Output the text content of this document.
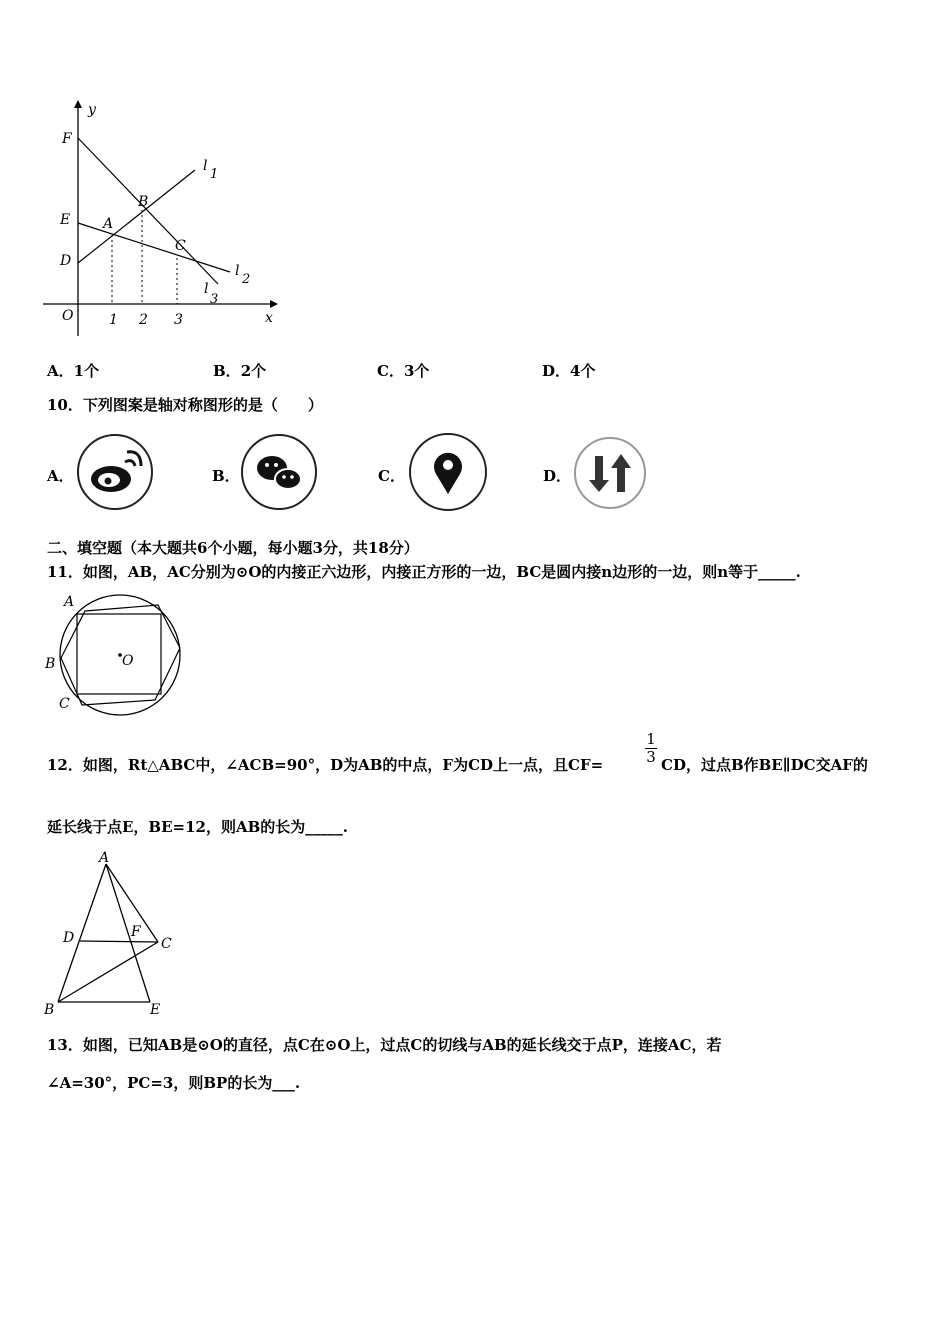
y
x
O
F
E
D
A
B
C
l
1
l
2
l
3
1 2 3
A．1个	B．2个	C．3个	D．4个
10．下列图案是轴对称图形的是（　　）
A．	B．	C．	D．
二、填空题（本大题共6个小题，每小题3分，共18分）
11．如图，AB，AC分别为⊙O的内接正六边形，内接正方形的一边，BC是圆内接n边形的一边，则n等于_____.
A
B
C
O
12．如图，Rt△ABC中，∠ACB=90°，D为AB的中点，F为CD上一点，且CF=
1
3 CD，过点B作BE∥DC交AF的
延长线于点E，BE=12，则AB的长为_____.
A
D	F
C
B	E
13．如图，已知AB是⊙O的直径，点C在⊙O上，过点C的切线与AB的延长线交于点P，连接AC，若
∠A=30°，PC=3，则BP的长为___.
